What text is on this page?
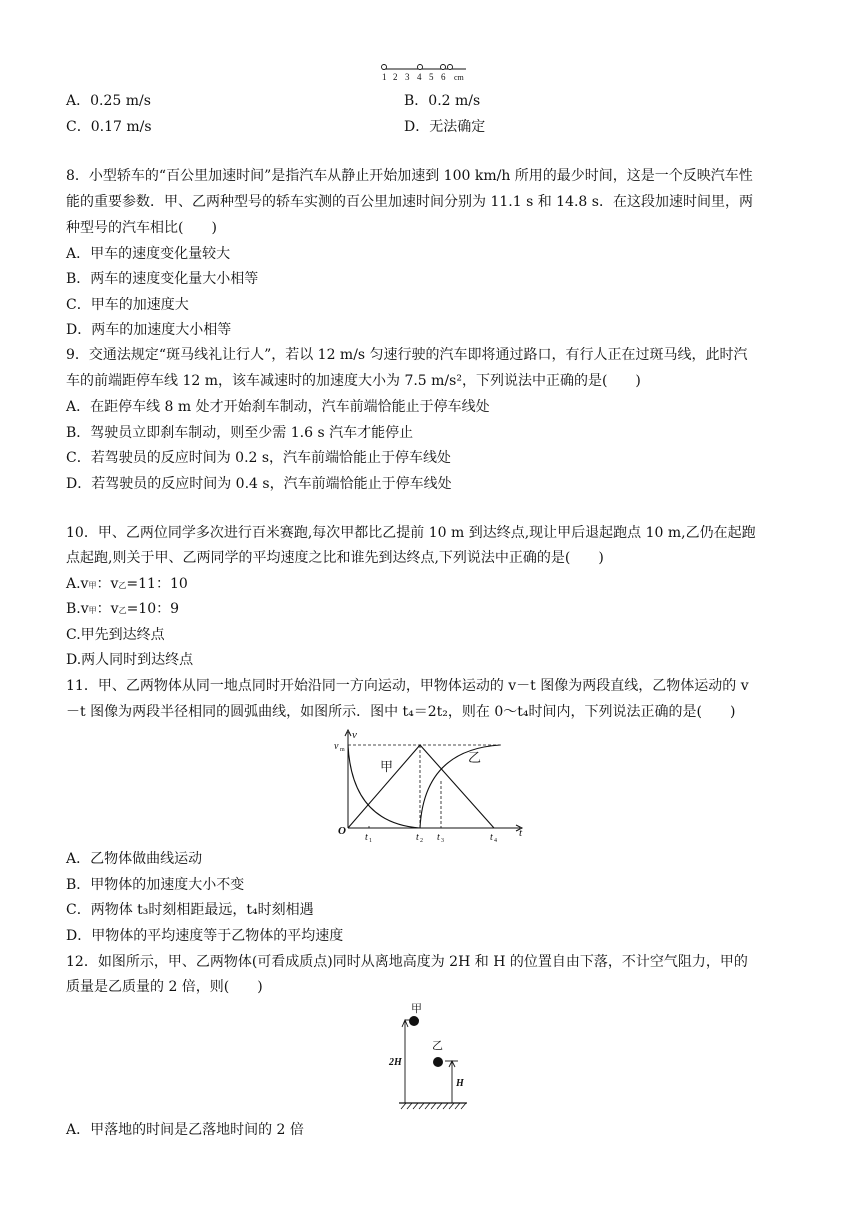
1 2 3 4 5 6 cm
A．0.25 m/s	B．0.2 m/s
C．0.17 m/s	D．无法确定
8．小型轿车的“百公里加速时间”是指汽车从静止开始加速到 100 km/h 所用的最少时间，这是一个反映汽车性
能的重要参数．甲、乙两种型号的轿车实测的百公里加速时间分别为 11.1 s 和 14.8 s．在这段加速时间里，两
种型号的汽车相比(　　)
A．甲车的速度变化量较大
B．两车的速度变化量大小相等
C．甲车的加速度大
D．两车的加速度大小相等
9．交通法规定“斑马线礼让行人”，若以 12 m/s 匀速行驶的汽车即将通过路口，有行人正在过斑马线，此时汽
车的前端距停车线 12 m，该车减速时的加速度大小为 7.5 m/s²，下列说法中正确的是(　　)
A．在距停车线 8 m 处才开始刹车制动，汽车前端恰能止于停车线处
B．驾驶员立即刹车制动，则至少需 1.6 s 汽车才能停止
C．若驾驶员的反应时间为 0.2 s，汽车前端恰能止于停车线处
D．若驾驶员的反应时间为 0.4 s，汽车前端恰能止于停车线处
10．甲、乙两位同学多次进行百米赛跑,每次甲都比乙提前 10 m 到达终点,现让甲后退起跑点 10 m,乙仍在起跑
点起跑,则关于甲、乙两同学的平均速度之比和谁先到达终点,下列说法中正确的是(　　)
A.v甲：v乙=11：10
B.v甲：v乙=10：9
C.甲先到达终点
D.两人同时到达终点
11．甲、乙两物体从同一地点同时开始沿同一方向运动，甲物体运动的 v－t 图像为两段直线，乙物体运动的 v
－t 图像为两段半径相同的圆弧曲线，如图所示．图中 t₄＝2t₂，则在 0～t₄时间内，下列说法正确的是(　　)
v
v m
O	t
甲
乙
t 1	t 2 t 3	t 4
A．乙物体做曲线运动
B．甲物体的加速度大小不变
C．两物体 t₃时刻相距最远，t₄时刻相遇
D．甲物体的平均速度等于乙物体的平均速度
12．如图所示，甲、乙两物体(可看成质点)同时从离地高度为 2H 和 H 的位置自由下落，不计空气阻力，甲的
质量是乙质量的 2 倍，则(　　)
甲
乙
2H
H
A．甲落地的时间是乙落地时间的 2 倍
